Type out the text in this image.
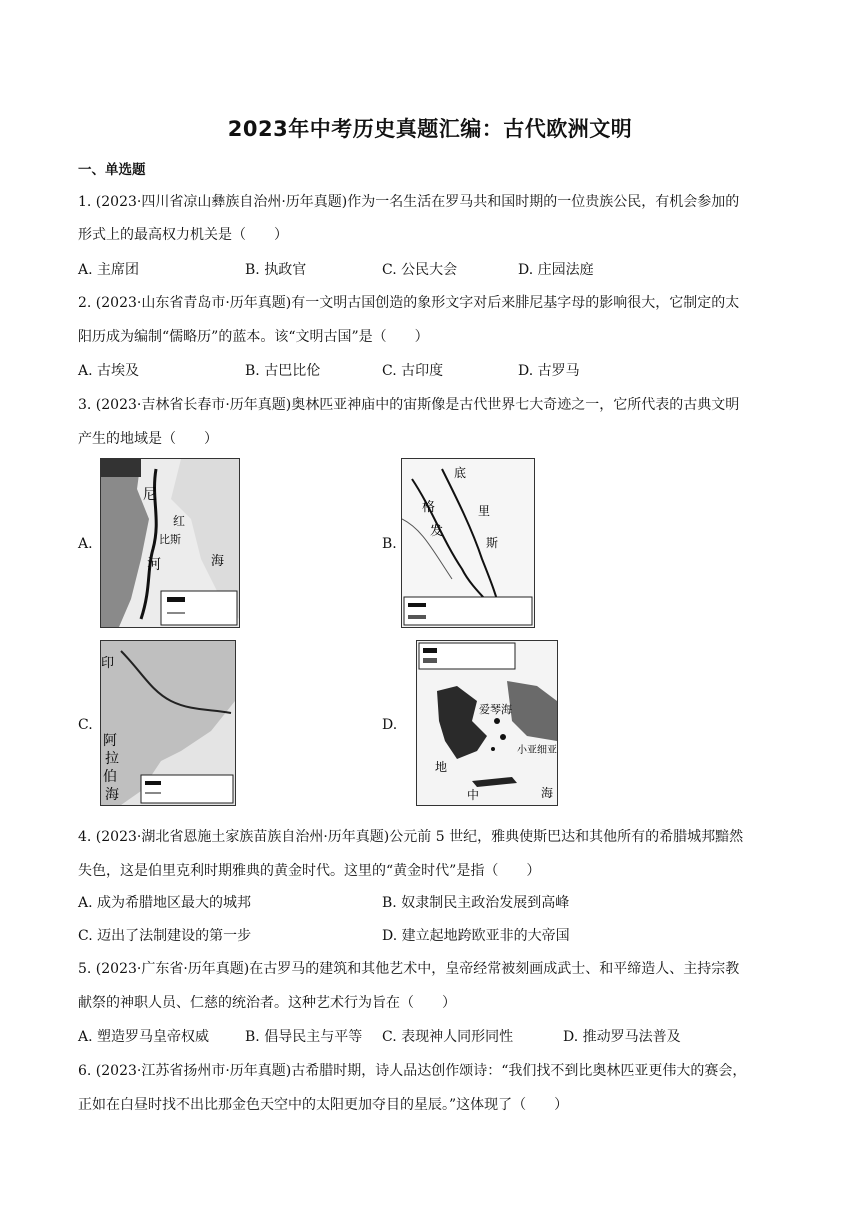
2023年中考历史真题汇编：古代欧洲文明
一、单选题
1. (2023·四川省凉山彝族自治州·历年真题)作为一名生活在罗马共和国时期的一位贵族公民，有机会参加的
形式上的最高权力机关是（　　）
A. 主席团	B. 执政官	C. 公民大会	D. 庄园法庭
2. (2023·山东省青岛市·历年真题)有一文明古国创造的象形文字对后来腓尼基字母的影响很大，它制定的太
阳历成为编制“儒略历”的蓝本。该“文明古国”是（　　）
A. 古埃及	B. 古巴比伦	C. 古印度	D. 古罗马
3. (2023·吉林省长春市·历年真题)奥林匹亚神庙中的宙斯像是古代世界七大奇迹之一，它所代表的古典文明
产生的地域是（　　）
A.
尼
红
比斯
河	海
B.
底
格
发
里
斯
C.
印
阿
拉
伯
海
D.
爱琴海
小亚细亚
地
中	海
4. (2023·湖北省恩施土家族苗族自治州·历年真题)公元前 5 世纪，雅典使斯巴达和其他所有的希腊城邦黯然
失色，这是伯里克利时期雅典的黄金时代。这里的“黄金时代”是指（　　）
A. 成为希腊地区最大的城邦	B. 奴隶制民主政治发展到高峰
C. 迈出了法制建设的第一步	D. 建立起地跨欧亚非的大帝国
5. (2023·广东省·历年真题)在古罗马的建筑和其他艺术中，皇帝经常被刻画成武士、和平缔造人、主持宗教
献祭的神职人员、仁慈的统治者。这种艺术行为旨在（　　）
A. 塑造罗马皇帝权威	B. 倡导民主与平等 C. 表现神人同形同性	D. 推动罗马法普及
6. (2023·江苏省扬州市·历年真题)古希腊时期，诗人品达创作颂诗：“我们找不到比奥林匹亚更伟大的赛会，
正如在白昼时找不出比那金色天空中的太阳更加夺目的星辰。”这体现了（　　）
